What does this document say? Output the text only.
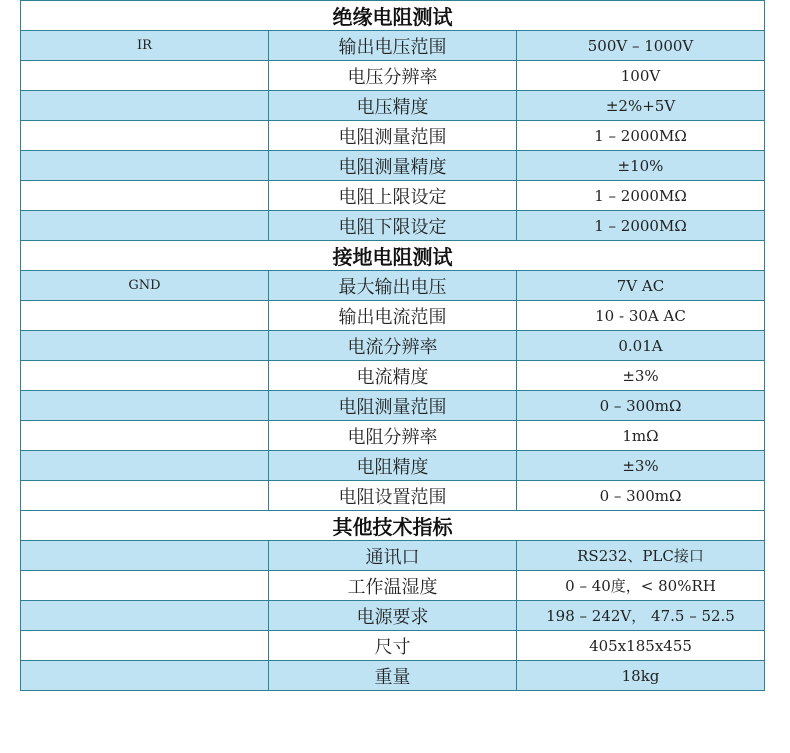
绝缘电阻测试		
IR	输出电压范围	500V – 1000V
	电压分辨率	100V
	电压精度	±2%+5V
	电阻测量范围	1 – 2000MΩ
	电阻测量精度	±10%
	电阻上限设定	1 – 2000MΩ
	电阻下限设定	1 – 2000MΩ
接地电阻测试		
GND	最大输出电压	7V AC
	输出电流范围	10 - 30A AC
	电流分辨率	0.01A
	电流精度	±3%
	电阻测量范围	0 – 300mΩ
	电阻分辨率	1mΩ
	电阻精度	±3%
	电阻设置范围	0 – 300mΩ
其他技术指标		
	通讯口	RS232、PLC接口
	工作温湿度	0 – 40度，< 80%RH
	电源要求	198 – 242V， 47.5 – 52.5
	尺寸	405x185x455
	重量	18kg
